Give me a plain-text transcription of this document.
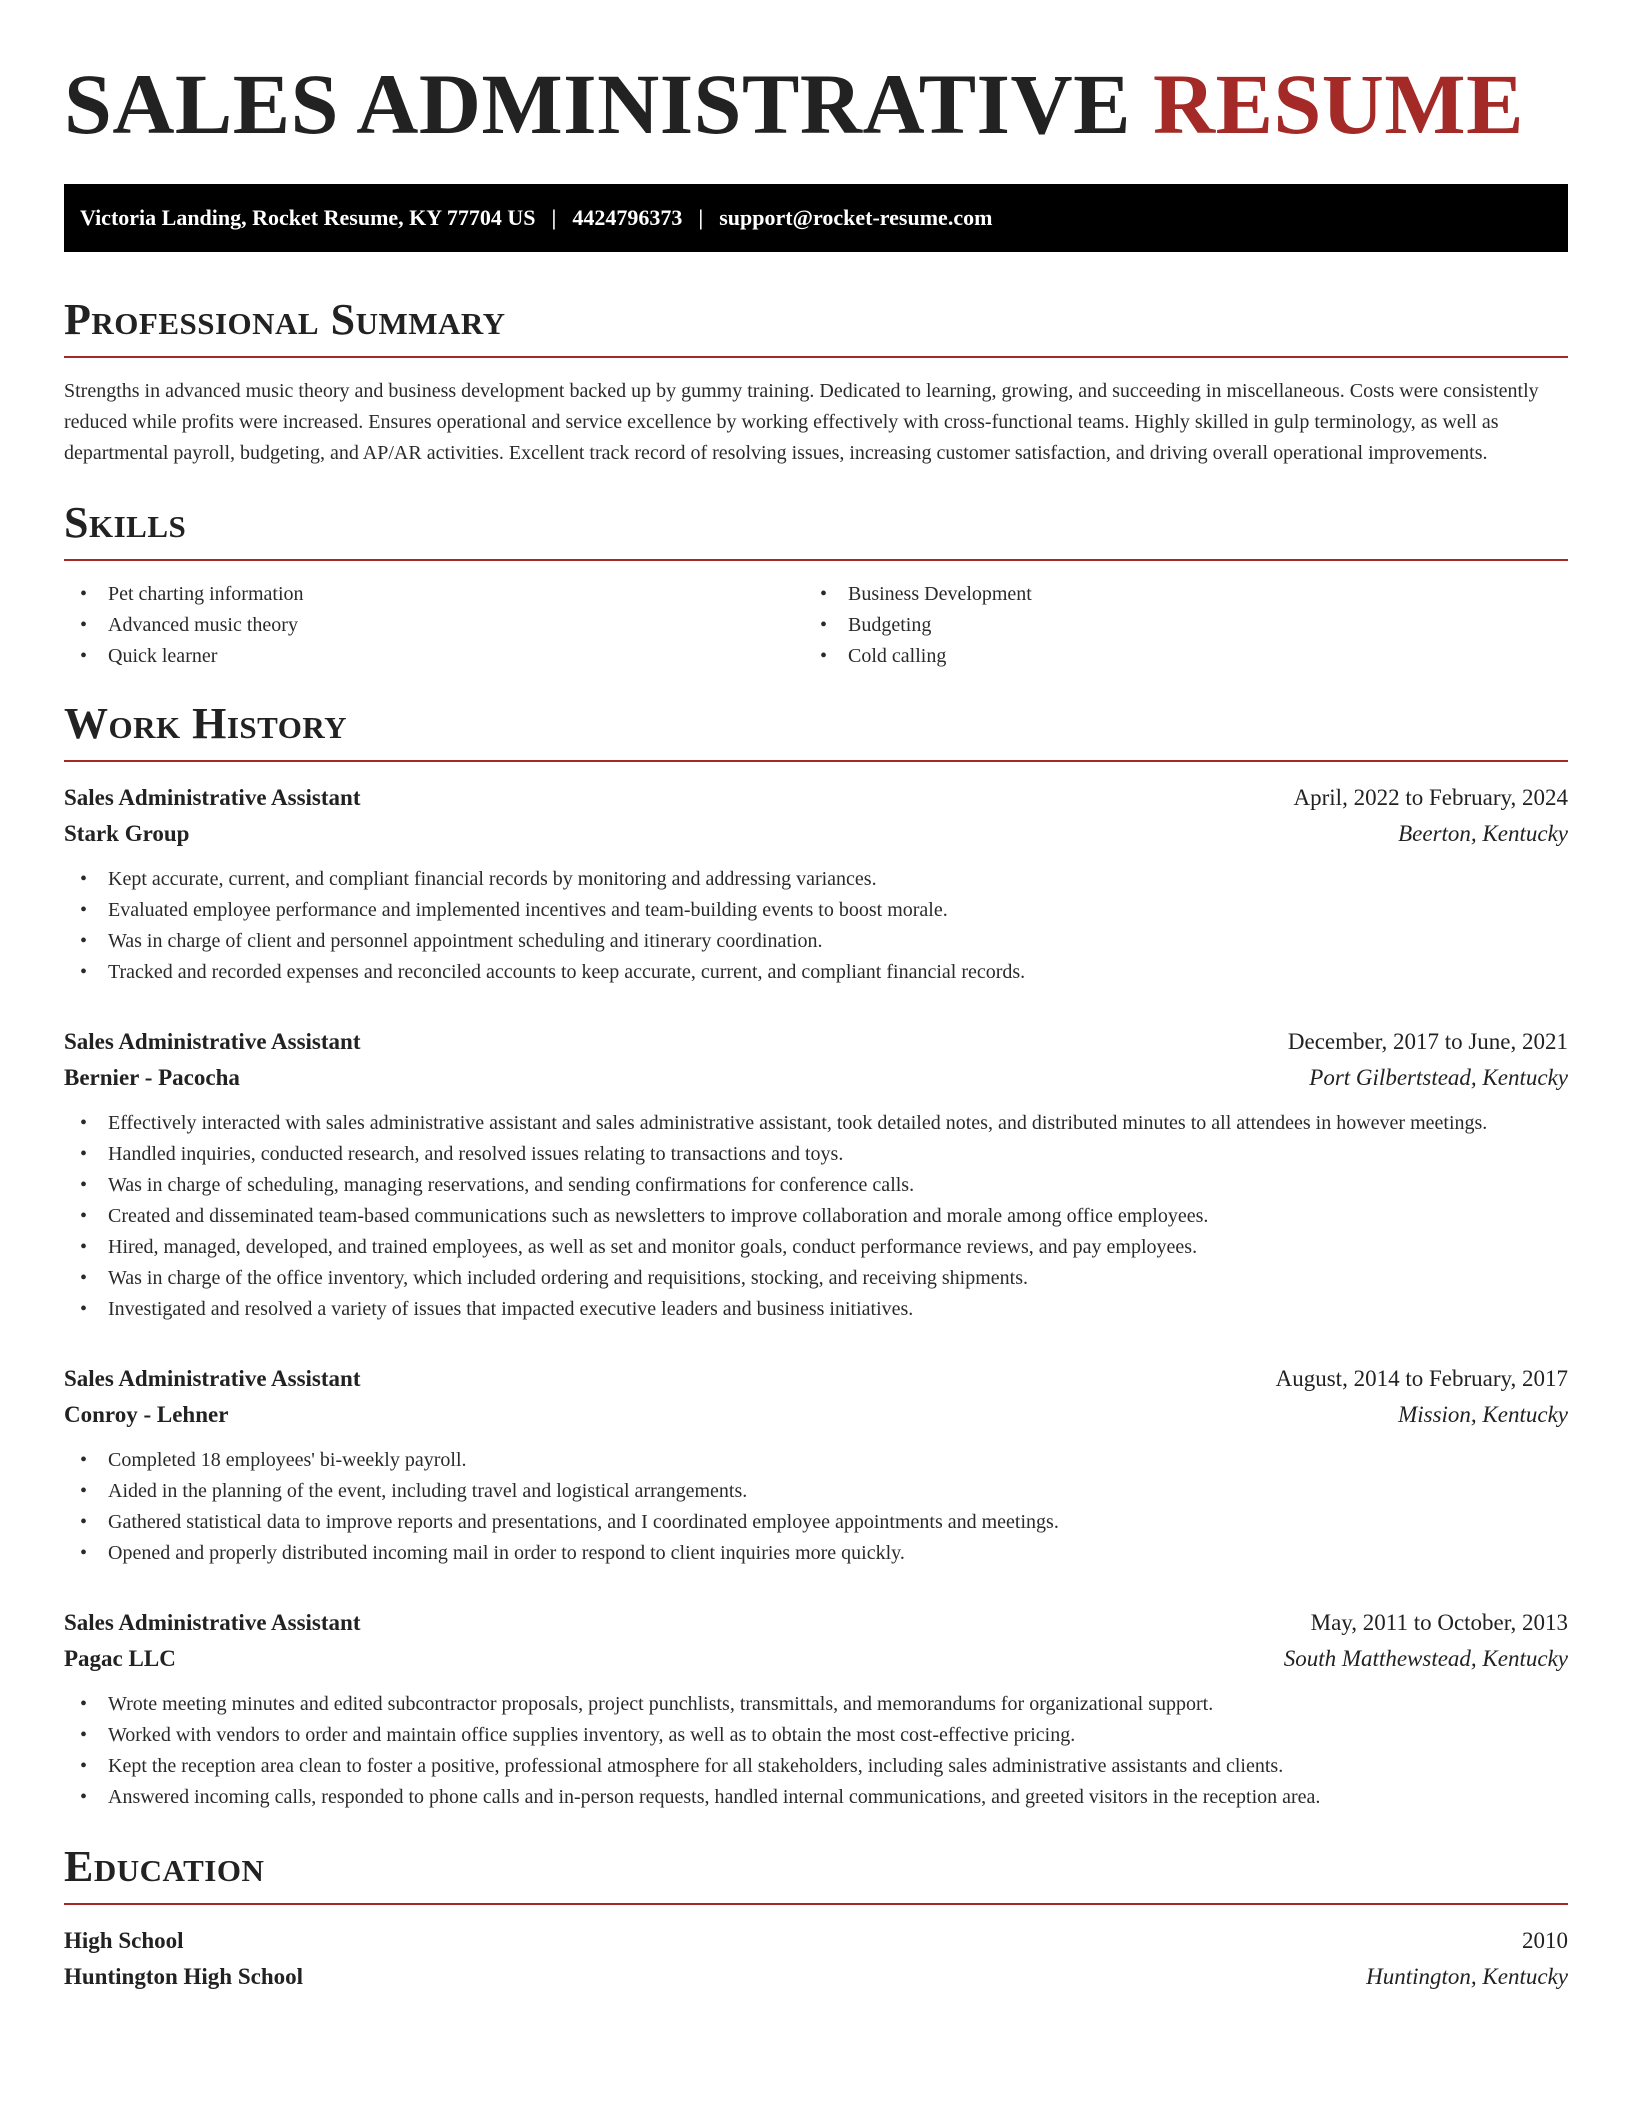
SALES ADMINISTRATIVE RESUME
Victoria Landing, Rocket Resume, KY 77704 US | 4424796373 | support@rocket-resume.com
Professional Summary

Strengths in advanced music theory and business development backed up by gummy training. Dedicated to learning, growing, and succeeding in miscellaneous. Costs were consistently reduced while profits were increased. Ensures operational and service excellence by working effectively with cross-functional teams. Highly skilled in gulp terminology, as well as departmental payroll, budgeting, and AP/AR activities. Excellent track record of resolving issues, increasing customer satisfaction, and driving overall operational improvements.

Skills
• Pet charting information
• Advanced music theory
• Quick learner
• Business Development
• Budgeting
• Cold calling
Work History
Sales Administrative Assistant	April, 2022 to February, 2024
Stark Group	Beerton, Kentucky
• Kept accurate, current, and compliant financial records by monitoring and addressing variances.
• Evaluated employee performance and implemented incentives and team-building events to boost morale.
• Was in charge of client and personnel appointment scheduling and itinerary coordination.
• Tracked and recorded expenses and reconciled accounts to keep accurate, current, and compliant financial records.
Sales Administrative Assistant	December, 2017 to June, 2021
Bernier - Pacocha	Port Gilbertstead, Kentucky
• Effectively interacted with sales administrative assistant and sales administrative assistant, took detailed notes, and distributed minutes to all attendees in however meetings.
• Handled inquiries, conducted research, and resolved issues relating to transactions and toys.
• Was in charge of scheduling, managing reservations, and sending confirmations for conference calls.
• Created and disseminated team-based communications such as newsletters to improve collaboration and morale among office employees.
• Hired, managed, developed, and trained employees, as well as set and monitor goals, conduct performance reviews, and pay employees.
• Was in charge of the office inventory, which included ordering and requisitions, stocking, and receiving shipments.
• Investigated and resolved a variety of issues that impacted executive leaders and business initiatives.
Sales Administrative Assistant	August, 2014 to February, 2017
Conroy - Lehner	Mission, Kentucky
• Completed 18 employees' bi-weekly payroll.
• Aided in the planning of the event, including travel and logistical arrangements.
• Gathered statistical data to improve reports and presentations, and I coordinated employee appointments and meetings.
• Opened and properly distributed incoming mail in order to respond to client inquiries more quickly.
Sales Administrative Assistant	May, 2011 to October, 2013
Pagac LLC	South Matthewstead, Kentucky
• Wrote meeting minutes and edited subcontractor proposals, project punchlists, transmittals, and memorandums for organizational support.
• Worked with vendors to order and maintain office supplies inventory, as well as to obtain the most cost-effective pricing.
• Kept the reception area clean to foster a positive, professional atmosphere for all stakeholders, including sales administrative assistants and clients.
• Answered incoming calls, responded to phone calls and in-person requests, handled internal communications, and greeted visitors in the reception area.
Education
High School	2010
Huntington High School	Huntington, Kentucky
